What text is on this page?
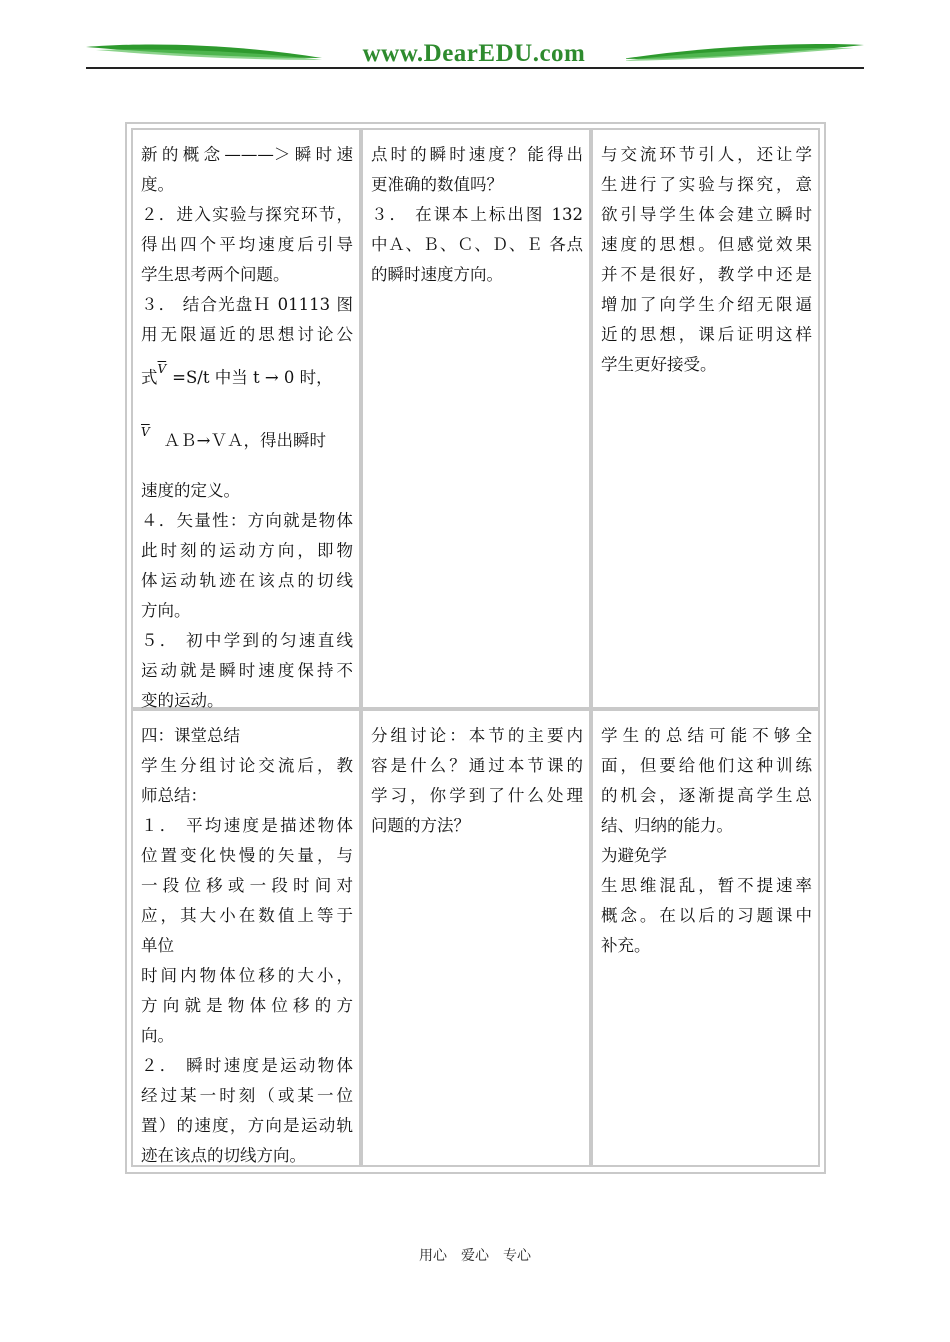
www.DearEDU.com

新的概念———＞瞬时速

度。

２．进入实验与探究环节，

得出四个平均速度后引导

学生思考两个问题。

３． 结合光盘Ｈ 01113 图

用无限逼近的思想讨论公

式$\overline{V} =S/t$ 中当 t → 0 时，

$\overline{V}$ ＡＢ→ＶＡ，得出瞬时

速度的定义。

４．矢量性：方向就是物体

此时刻的运动方向，即物

体运动轨迹在该点的切线

方向。

５． 初中学到的匀速直线

运动就是瞬时速度保持不

变的运动。

点时的瞬时速度？能得出

更准确的数值吗？

３． 在课本上标出图 132

中Ａ、Ｂ、Ｃ、Ｄ、Ｅ 各点

的瞬时速度方向。

与交流环节引人，还让学

生进行了实验与探究，意

欲引导学生体会建立瞬时

速度的思想。但感觉效果

并不是很好，教学中还是

增加了向学生介绍无限逼

近的思想，课后证明这样

学生更好接受。

四：课堂总结

学生分组讨论交流后，教

师总结：

１． 平均速度是描述物体

位置变化快慢的矢量，与

一段位移或一段时间对

应，其大小在数值上等于

单位

时间内物体位移的大小，

方向就是物体位移的方

向。

２． 瞬时速度是运动物体

经过某一时刻（或某一位

置）的速度，方向是运动轨

迹在该点的切线方向。

分组讨论：本节的主要内

容是什么？通过本节课的

学习，你学到了什么处理

问题的方法？

学生的总结可能不够全

面，但要给他们这种训练

的机会，逐渐提高学生总

结、归纳的能力。

为避免学

生思维混乱，暂不提速率

概念。在以后的习题课中

补充。

用心　爱心　专心
